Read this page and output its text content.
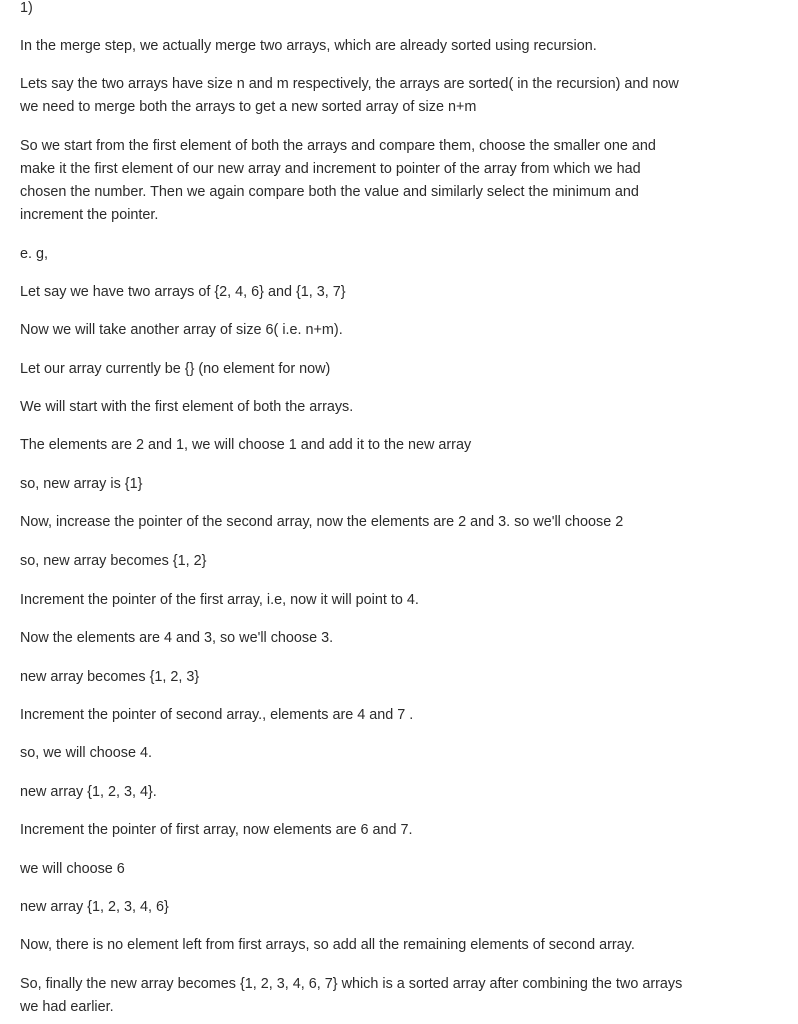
1)

In the merge step, we actually merge two arrays, which are already sorted using recursion.
Lets say the two arrays have size n and m respectively, the arrays are sorted( in the recursion) and now
we need to merge both the arrays to get a new sorted array of size n+m
So we start from the first element of both the arrays and compare them, choose the smaller one and
make it the first element of our new array and increment to pointer of the array from which we had
chosen the number. Then we again compare both the value and similarly select the minimum and
increment the pointer.
e. g,
Let say we have two arrays of {2, 4, 6} and {1, 3, 7}
Now we will take another array of size 6( i.e. n+m).
Let our array currently be {} (no element for now)
We will start with the first element of both the arrays.
The elements are 2 and 1, we will choose 1 and add it to the new array
so, new array is {1}
Now, increase the pointer of the second array, now the elements are 2 and 3. so we'll choose 2
so, new array becomes {1, 2}
Increment the pointer of the first array, i.e, now it will point to 4.
Now the elements are 4 and 3, so we'll choose 3.
new array becomes {1, 2, 3}
Increment the pointer of second array., elements are 4 and 7 .
so, we will choose 4.
new array {1, 2, 3, 4}.
Increment the pointer of first array, now elements are 6 and 7.
we will choose 6
new array {1, 2, 3, 4, 6}
Now, there is no element left from first arrays, so add all the remaining elements of second array.
So, finally the new array becomes {1, 2, 3, 4, 6, 7} which is a sorted array after combining the two arrays
we had earlier.
